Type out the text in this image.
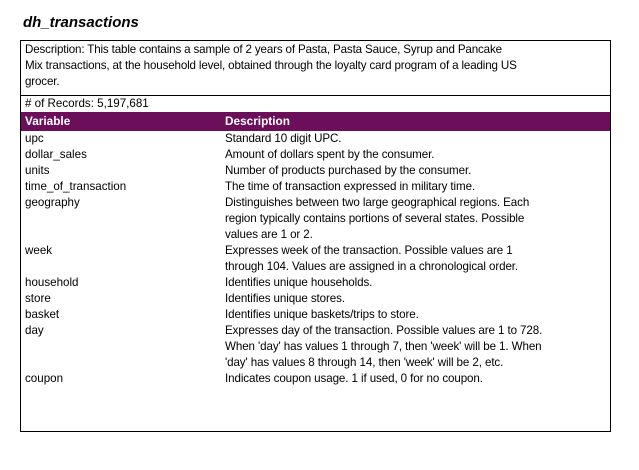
dh_transactions
Description: This table contains a sample of 2 years of Pasta, Pasta Sauce, Syrup and Pancake
Mix transactions, at the household level, obtained through the loyalty card program of a leading US
grocer.
# of Records: 5,197,681
Variable	Description
upc	Standard 10 digit UPC.
dollar_sales	Amount of dollars spent by the consumer.
units	Number of products purchased by the consumer.
time_of_transaction	The time of transaction expressed in military time.
geography	Distinguishes between two large geographical regions. Each
region typically contains portions of several states. Possible
values are 1 or 2.
week	Expresses week of the transaction. Possible values are 1
through 104. Values are assigned in a chronological order.
household	Identifies unique households.
store	Identifies unique stores.
basket	Identifies unique baskets/trips to store.
day	Expresses day of the transaction. Possible values are 1 to 728.
When 'day' has values 1 through 7, then 'week' will be 1. When
'day' has values 8 through 14, then 'week' will be 2, etc.
coupon	Indicates coupon usage. 1 if used, 0 for no coupon.
